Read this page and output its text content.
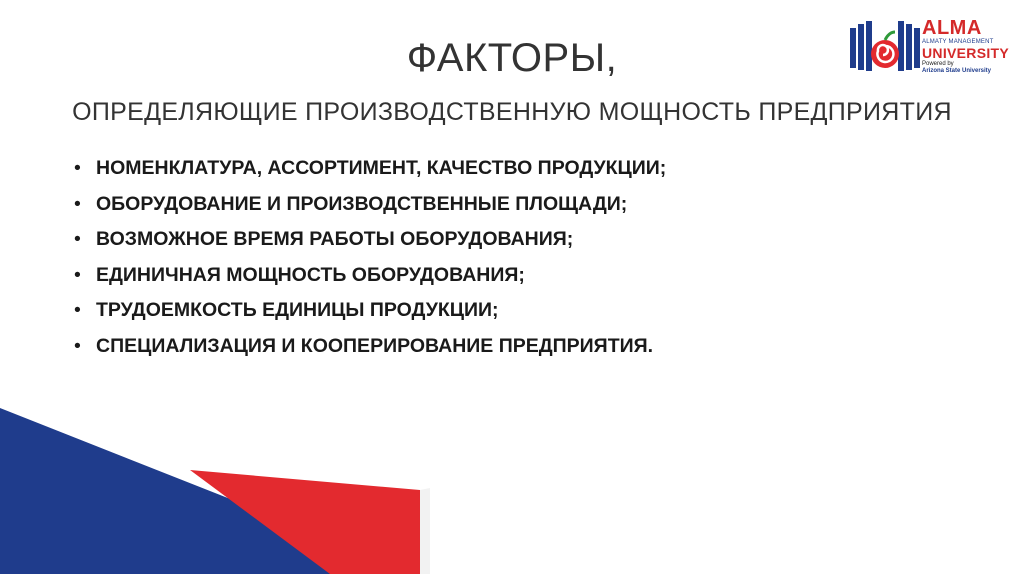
ФАКТОРЫ,
ОПРЕДЕЛЯЮЩИЕ ПРОИЗВОДСТВЕННУЮ МОЩНОСТЬ ПРЕДПРИЯТИЯ
• НОМЕНКЛАТУРА, АССОРТИМЕНТ, КАЧЕСТВО ПРОДУКЦИИ;
• ОБОРУДОВАНИЕ И ПРОИЗВОДСТВЕННЫЕ ПЛОЩАДИ;
• ВОЗМОЖНОЕ ВРЕМЯ РАБОТЫ ОБОРУДОВАНИЯ;
• ЕДИНИЧНАЯ МОЩНОСТЬ ОБОРУДОВАНИЯ;
• ТРУДОЕМКОСТЬ ЕДИНИЦЫ ПРОДУКЦИИ;
• СПЕЦИАЛИЗАЦИЯ И КООПЕРИРОВАНИЕ ПРЕДПРИЯТИЯ.
ALMA
ALMATY MANAGEMENT
UNIVERSITY
Powered by
Arizona State University
